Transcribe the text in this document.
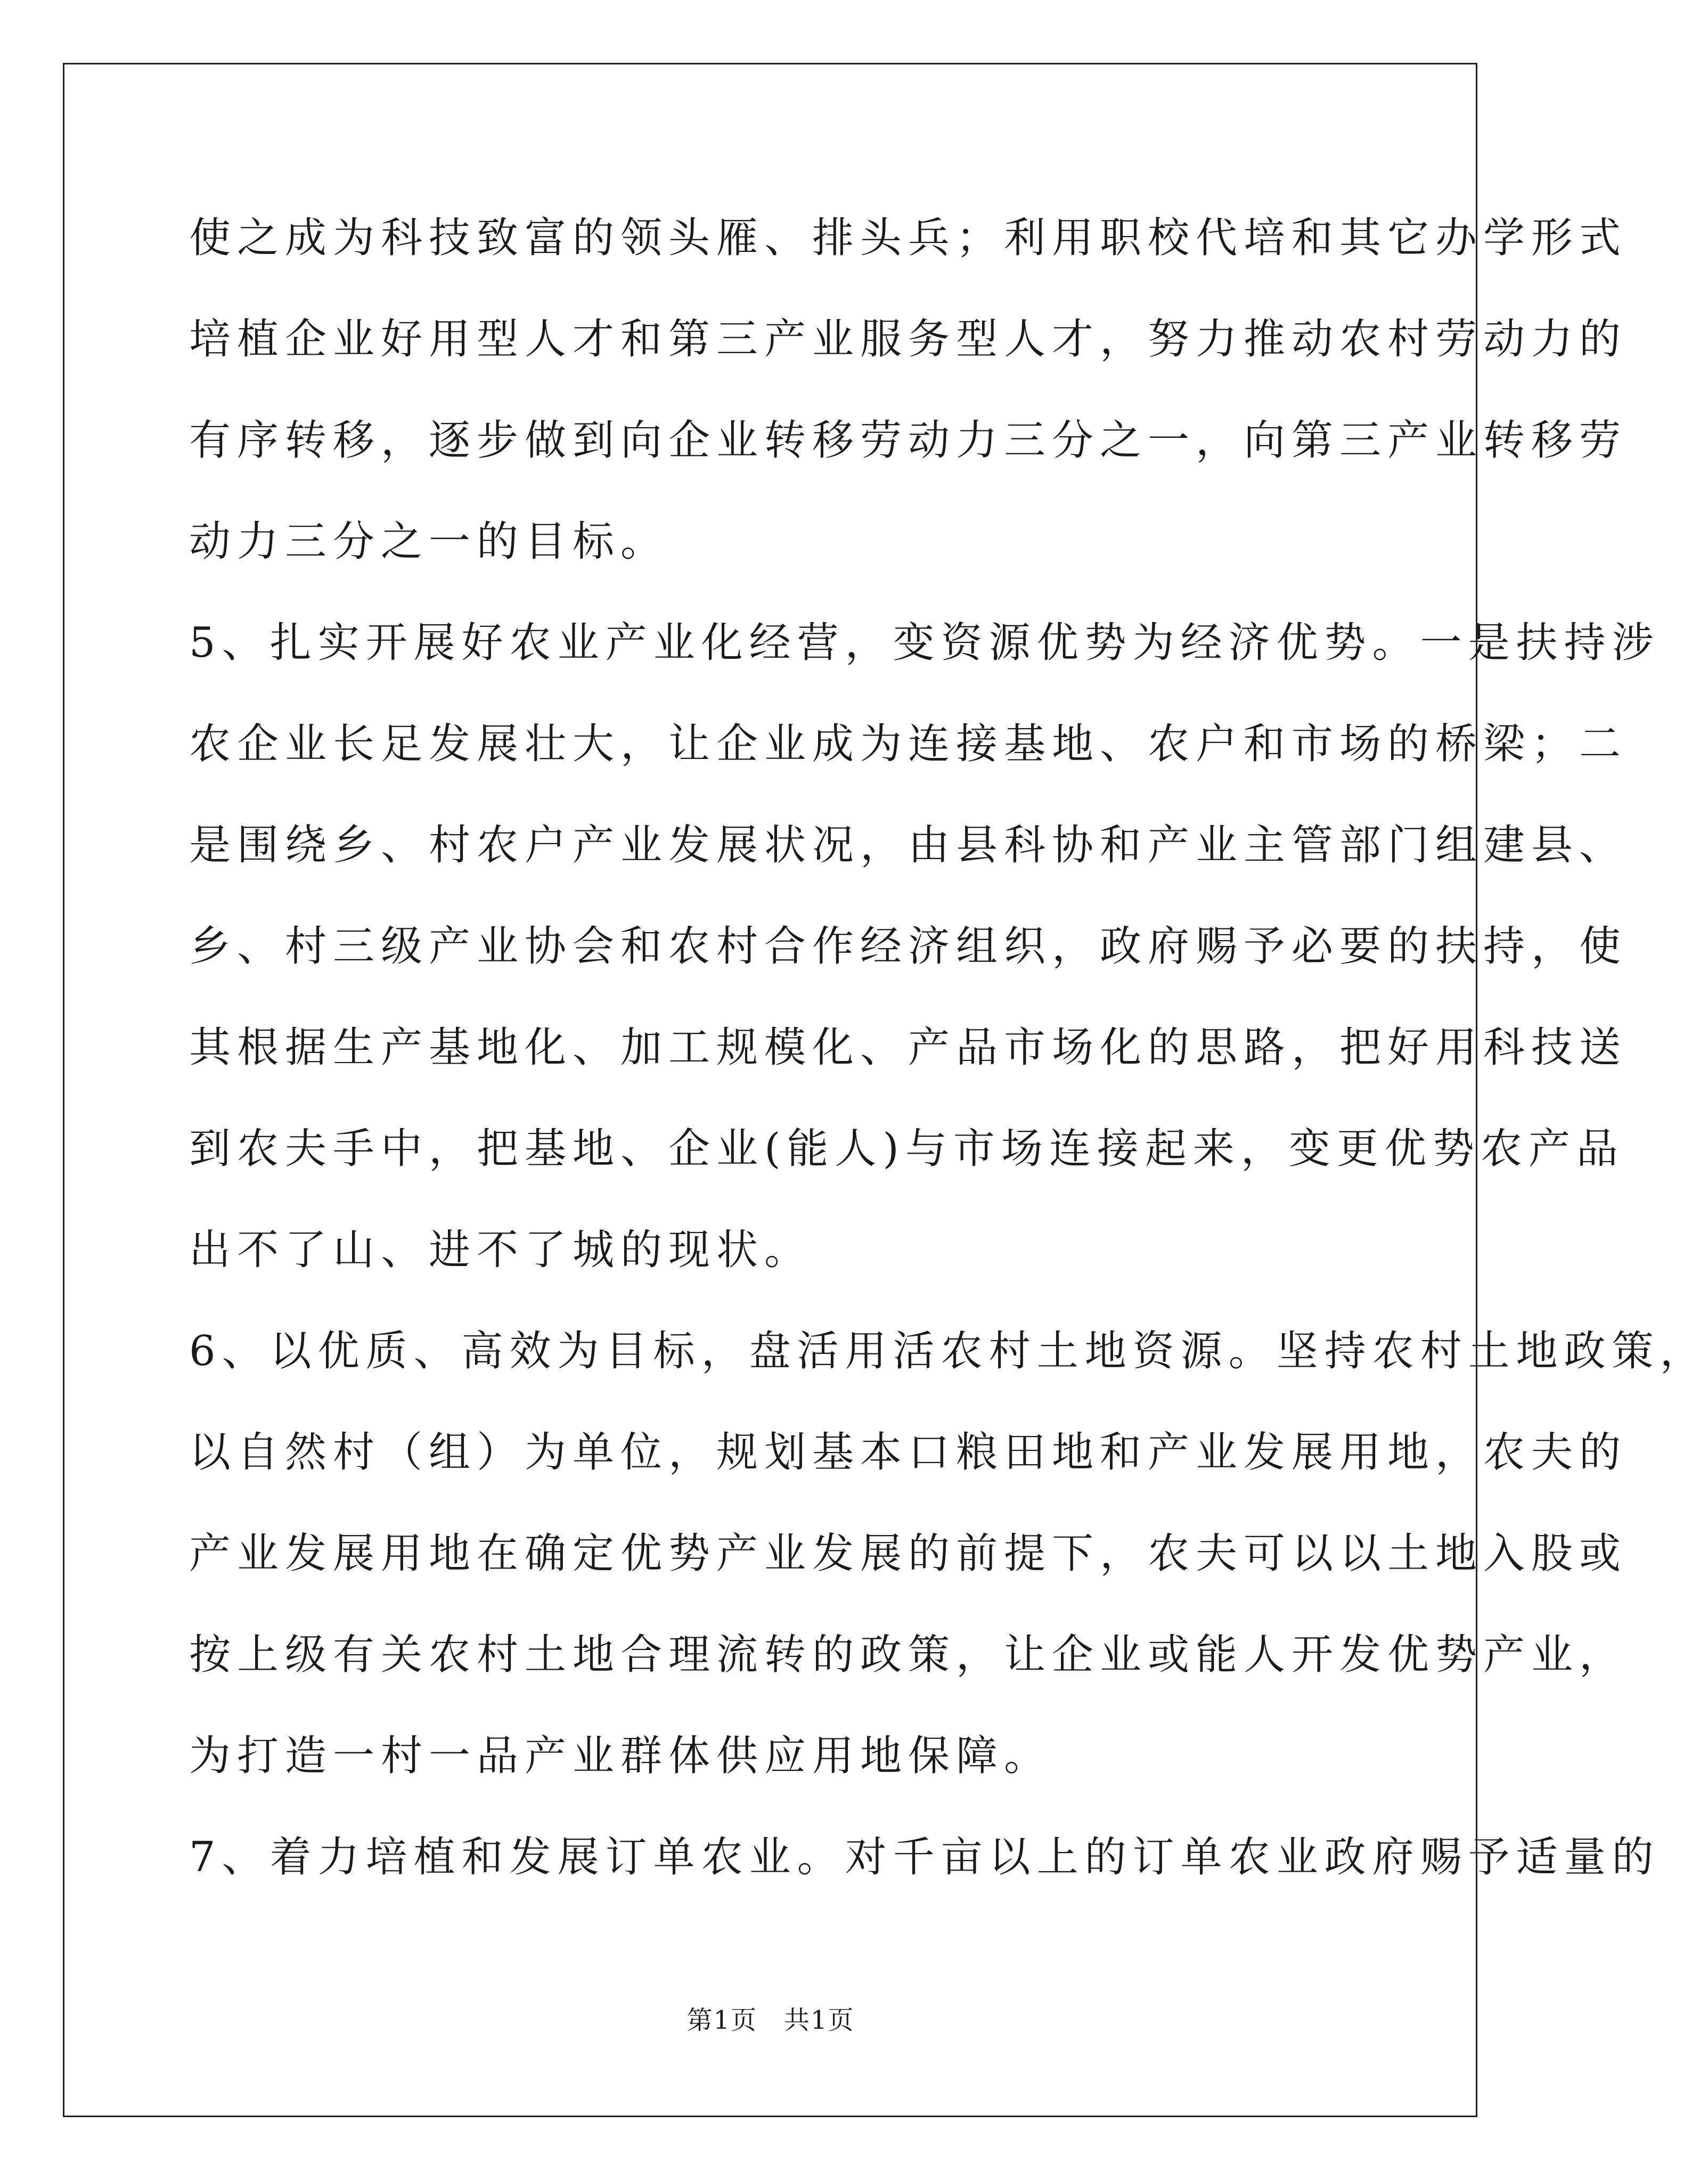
使之成为科技致富的领头雁、排头兵；利用职校代培和其它办学形式
培植企业好用型人才和第三产业服务型人才，努力推动农村劳动力的
有序转移，逐步做到向企业转移劳动力三分之一，向第三产业转移劳
动力三分之一的目标。
5、扎实开展好农业产业化经营，变资源优势为经济优势。一是扶持涉
农企业长足发展壮大，让企业成为连接基地、农户和市场的桥梁；二
是围绕乡、村农户产业发展状况，由县科协和产业主管部门组建县、
乡、村三级产业协会和农村合作经济组织，政府赐予必要的扶持，使
其根据生产基地化、加工规模化、产品市场化的思路，把好用科技送
到农夫手中，把基地、企业(能人)与市场连接起来，变更优势农产品
出不了山、进不了城的现状。
6、以优质、高效为目标，盘活用活农村土地资源。坚持农村土地政策，
以自然村（组）为单位，规划基本口粮田地和产业发展用地，农夫的
产业发展用地在确定优势产业发展的前提下，农夫可以以土地入股或
按上级有关农村土地合理流转的政策，让企业或能人开发优势产业，
为打造一村一品产业群体供应用地保障。
7、着力培植和发展订单农业。对千亩以上的订单农业政府赐予适量的
第1页　共1页
